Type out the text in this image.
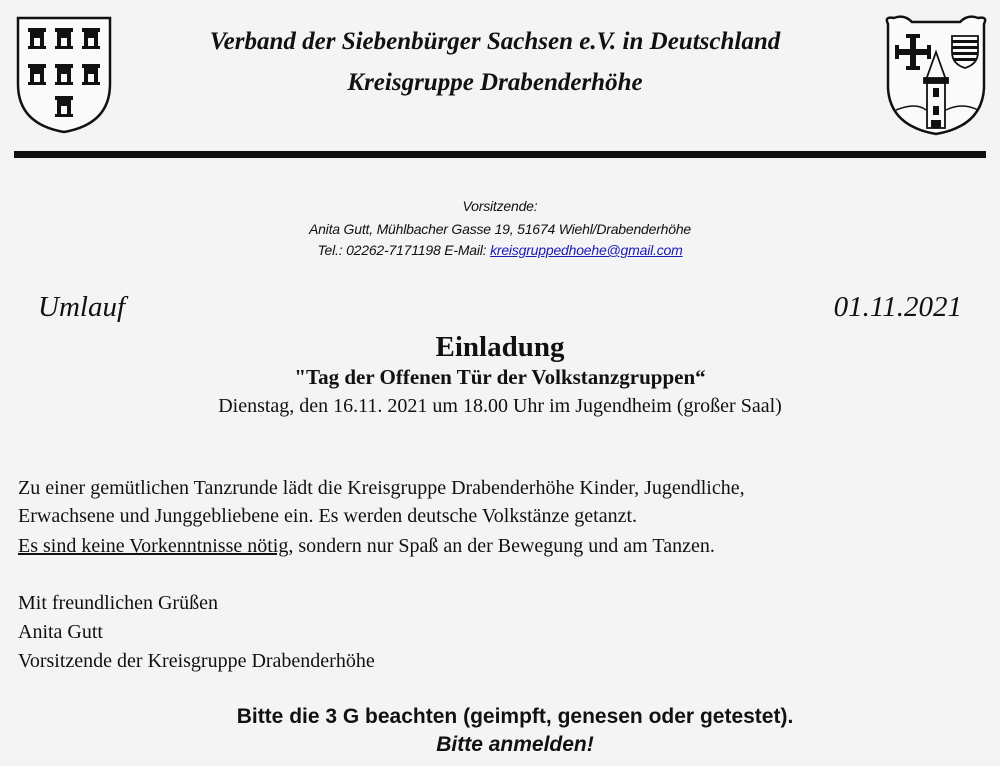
Verband der Siebenbürger Sachsen e.V. in Deutschland
Kreisgruppe Drabenderhöhe
Vorsitzende:
Anita Gutt, Mühlbacher Gasse 19, 51674 Wiehl/Drabenderhöhe
Tel.: 02262-7171198 E-Mail: kreisgruppedhoehe@gmail.com
Umlauf	01.11.2021
Einladung
"Tag der Offenen Tür der Volkstanzgruppen“
Dienstag, den 16.11. 2021 um 18.00 Uhr im Jugendheim (großer Saal)
Zu einer gemütlichen Tanzrunde lädt die Kreisgruppe Drabenderhöhe Kinder, Jugendliche,
Erwachsene und Junggebliebene ein. Es werden deutsche Volkstänze getanzt.
Es sind keine Vorkenntnisse nötig, sondern nur Spaß an der Bewegung und am Tanzen.
Mit freundlichen Grüßen
Anita Gutt
Vorsitzende der Kreisgruppe Drabenderhöhe
Bitte die 3 G beachten (geimpft, genesen oder getestet).
Bitte anmelden!
